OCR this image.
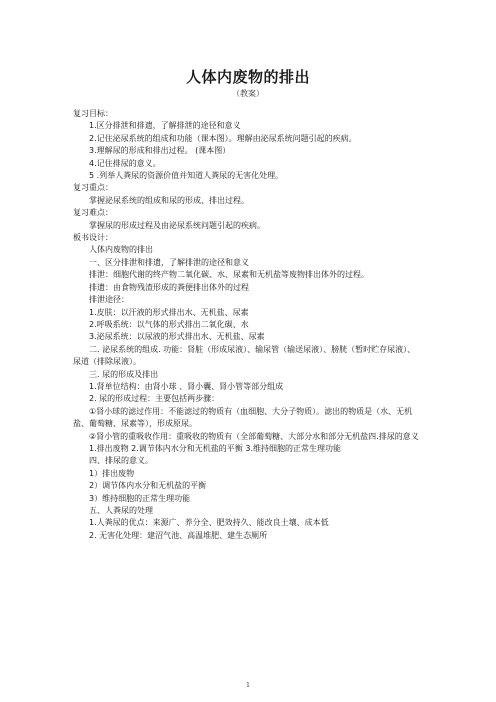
人体内废物的排出
（教案）

复习目标：

1.区分排泄和排遗，了解排泄的途径和意义

2.记住泌尿系统的组成和功能（课本图）。理解由泌尿系统问题引起的疾病。

3.理解尿的形成和排出过程。 (课本图）

4.记住排尿的意义。

5 .列举人粪尿的资源价值并知道人粪尿的无害化处理。

复习重点：

掌握泌尿系统的组成和尿的形成、排出过程。

复习难点：

掌握尿的形成过程及由泌尿系统问题引起的疾病。

板书设计：

人体内废物的排出

一、区分排泄和排遗，了解排泄的途径和意义

排泄：细胞代谢的终产物二氧化碳、水、尿素和无机盐等废物排出体外的过程。

排遗：由食物残渣形成的粪便排出体外的过程

排泄途径：

1.皮肤：以汗液的形式排出水、无机盐、尿素

2.呼吸系统：以气体的形式排出二氧化碳、水

3.泌尿系统：以尿液的形式排出水、无机盐、尿素

二. 泌尿系统的组成. 功能：肾脏（形成尿液）、输尿管（输送尿液）、膀胱（暂时贮存尿液）、尿道（排除尿液）。

三. 尿的形成及排出

1.肾单位结构：由肾小球 、肾小囊、肾小管等部分组成

2. 尿的形成过程：主要包括两步骤：

①肾小球的滤过作用：不能滤过的物质有（血细胞、大分子物质）。滤出的物质是（水、无机盐、葡萄糖、尿素等），形成原尿。

②肾小管的重吸收作用：重吸收的物质有（全部葡萄糖、大部分水和部分无机盐四.排尿的意义

1.排出废物 2.调节体内水分和无机盐的平衡 3.维持细胞的正常生理功能

四、排尿的意义。

1）排出废物

2）调节体内水分和无机盐的平衡

3）维持细胞的正常生理功能

五、人粪尿的处理

1.人粪尿的优点：来源广、养分全、肥效持久、能改良土壤、成本低

2. 无害化处理：建沼气池、高温堆肥、建生态厕所

1
